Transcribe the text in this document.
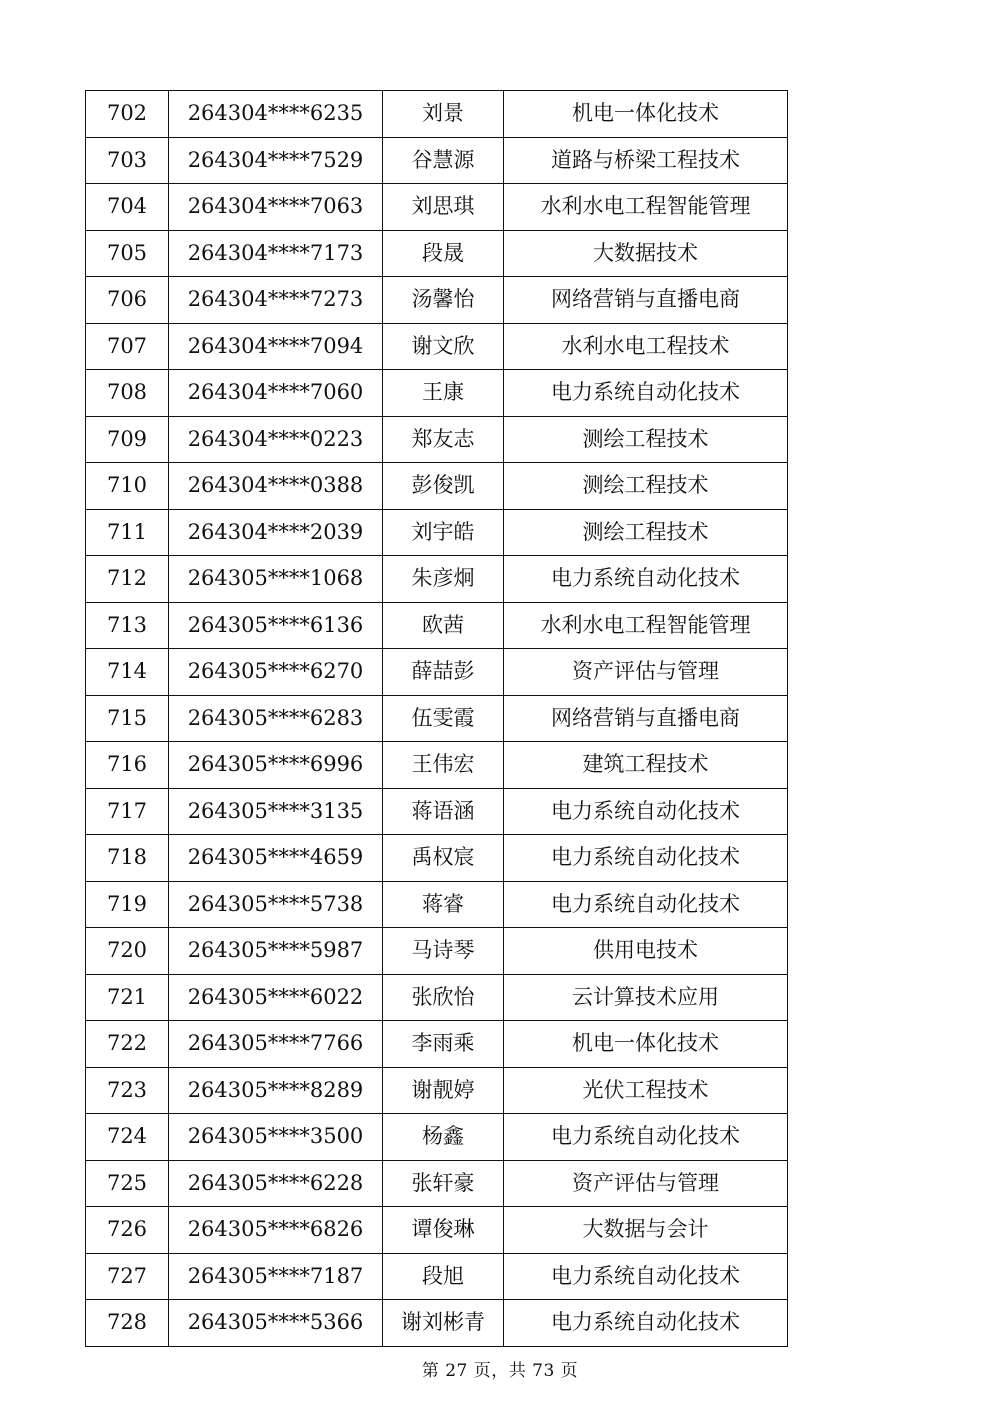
702	264304****6235	刘景	机电一体化技术
703	264304****7529	谷慧源	道路与桥梁工程技术
704	264304****7063	刘思琪	水利水电工程智能管理
705	264304****7173	段晟	大数据技术
706	264304****7273	汤馨怡	网络营销与直播电商
707	264304****7094	谢文欣	水利水电工程技术
708	264304****7060	王康	电力系统自动化技术
709	264304****0223	郑友志	测绘工程技术
710	264304****0388	彭俊凯	测绘工程技术
711	264304****2039	刘宇皓	测绘工程技术
712	264305****1068	朱彦炯	电力系统自动化技术
713	264305****6136	欧茜	水利水电工程智能管理
714	264305****6270	薛喆彭	资产评估与管理
715	264305****6283	伍雯霞	网络营销与直播电商
716	264305****6996	王伟宏	建筑工程技术
717	264305****3135	蒋语涵	电力系统自动化技术
718	264305****4659	禹权宸	电力系统自动化技术
719	264305****5738	蒋睿	电力系统自动化技术
720	264305****5987	马诗琴	供用电技术
721	264305****6022	张欣怡	云计算技术应用
722	264305****7766	李雨乘	机电一体化技术
723	264305****8289	谢靓婷	光伏工程技术
724	264305****3500	杨鑫	电力系统自动化技术
725	264305****6228	张轩豪	资产评估与管理
726	264305****6826	谭俊琳	大数据与会计
727	264305****7187	段旭	电力系统自动化技术
728	264305****5366	谢刘彬青	电力系统自动化技术
第 27 页，共 73 页
